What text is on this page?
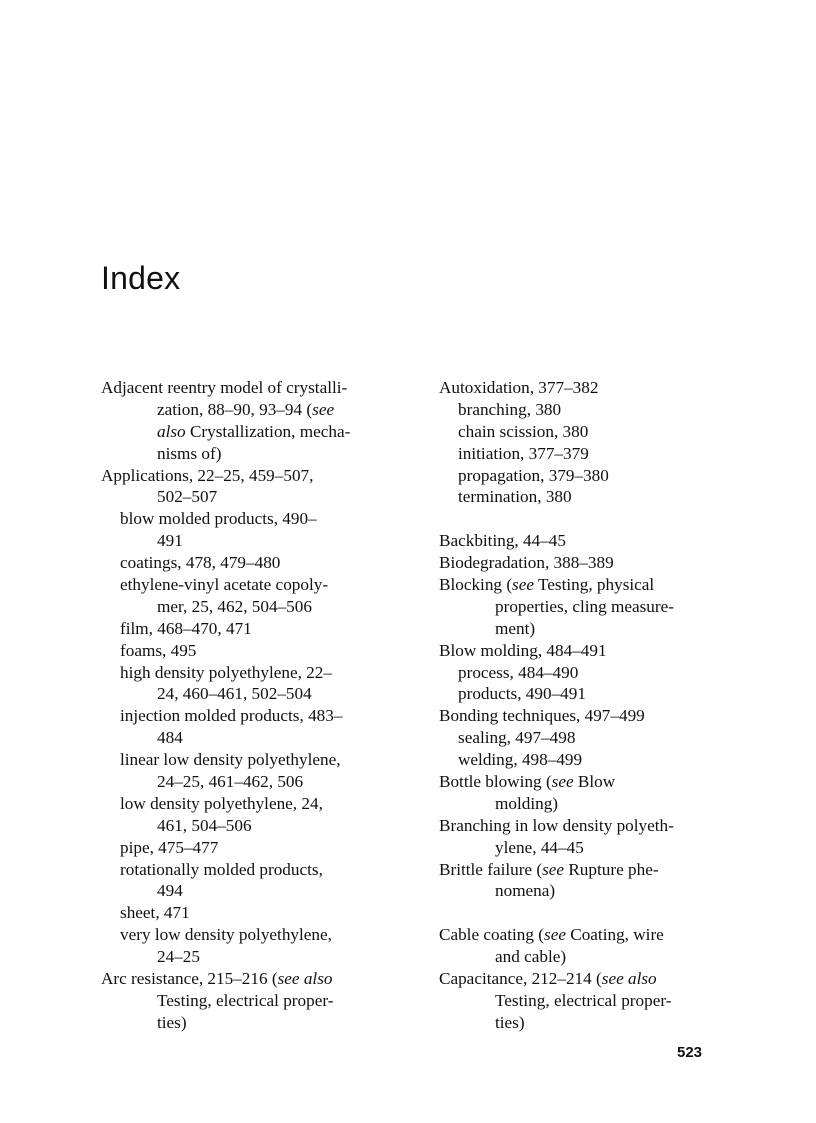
Index
Adjacent reentry model of crystalli-
zation, 88–90, 93–94 (see
also Crystallization, mecha-
nisms of)
Applications, 22–25, 459–507,
502–507
blow molded products, 490–
491
coatings, 478, 479–480
ethylene-vinyl acetate copoly-
mer, 25, 462, 504–506
film, 468–470, 471
foams, 495
high density polyethylene, 22–
24, 460–461, 502–504
injection molded products, 483–
484
linear low density polyethylene,
24–25, 461–462, 506
low density polyethylene, 24,
461, 504–506
pipe, 475–477
rotationally molded products,
494
sheet, 471
very low density polyethylene,
24–25
Arc resistance, 215–216 (see also
Testing, electrical proper-
ties)
Autoxidation, 377–382
branching, 380
chain scission, 380
initiation, 377–379
propagation, 379–380
termination, 380
Backbiting, 44–45
Biodegradation, 388–389
Blocking (see Testing, physical
properties, cling measure-
ment)
Blow molding, 484–491
process, 484–490
products, 490–491
Bonding techniques, 497–499
sealing, 497–498
welding, 498–499
Bottle blowing (see Blow
molding)
Branching in low density polyeth-
ylene, 44–45
Brittle failure (see Rupture phe-
nomena)
Cable coating (see Coating, wire
and cable)
Capacitance, 212–214 (see also
Testing, electrical proper-
ties)
523
